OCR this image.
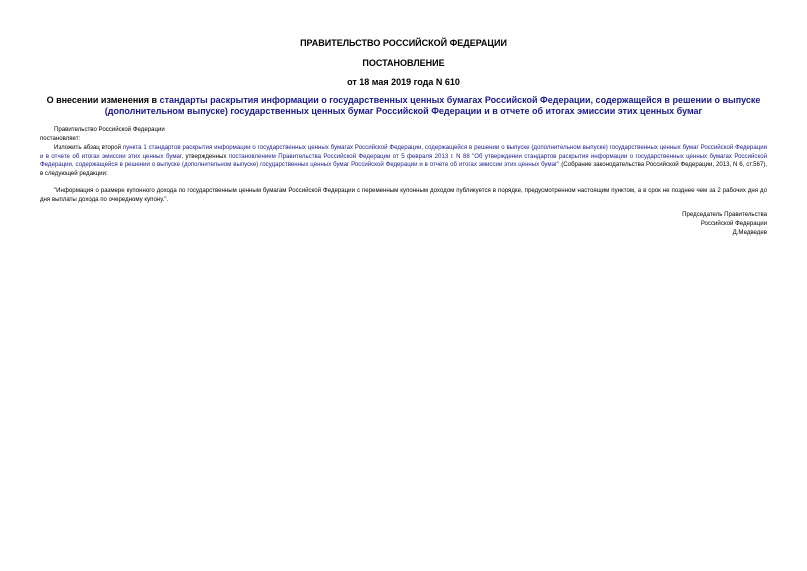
ПРАВИТЕЛЬСТВО РОССИЙСКОЙ ФЕДЕРАЦИИ
ПОСТАНОВЛЕНИЕ
от 18 мая 2019 года N 610
О внесении изменения в стандарты раскрытия информации о государственных ценных бумагах Российской Федерации, содержащейся в решении о выпуске (дополнительном выпуске) государственных ценных бумаг Российской Федерации и в отчете об итогах эмиссии этих ценных бумаг
Правительство Российской Федерации
постановляет:
Изложить абзац второй пункта 1 стандартов раскрытия информации о государственных ценных бумагах Российской Федерации, содержащейся в решении о выпуске (дополнительном выпуске) государственных ценных бумаг Российской Федерации и в отчете об итогах эмиссии этих ценных бумаг, утвержденных постановлением Правительства Российской Федерации от 5 февраля 2013 г. N 88 "Об утверждении стандартов раскрытия информации о государственных ценных бумагах Российской Федерации, содержащейся в решении о выпуске (дополнительном выпуске) государственных ценных бумаг Российской Федерации и в отчете об итогах эмиссии этих ценных бумаг" (Собрание законодательства Российской Федерации, 2013, N 6, ст.567), в следующей редакции:
"Информация о размере купонного дохода по государственным ценным бумагам Российской Федерации с переменным купонным доходом публикуется в порядке, предусмотренном настоящим пунктом, а в срок не позднее чем за 2 рабочих дня до дня выплаты дохода по очередному купону.".
Председатель Правительства
Российской Федерации
Д.Медведев
